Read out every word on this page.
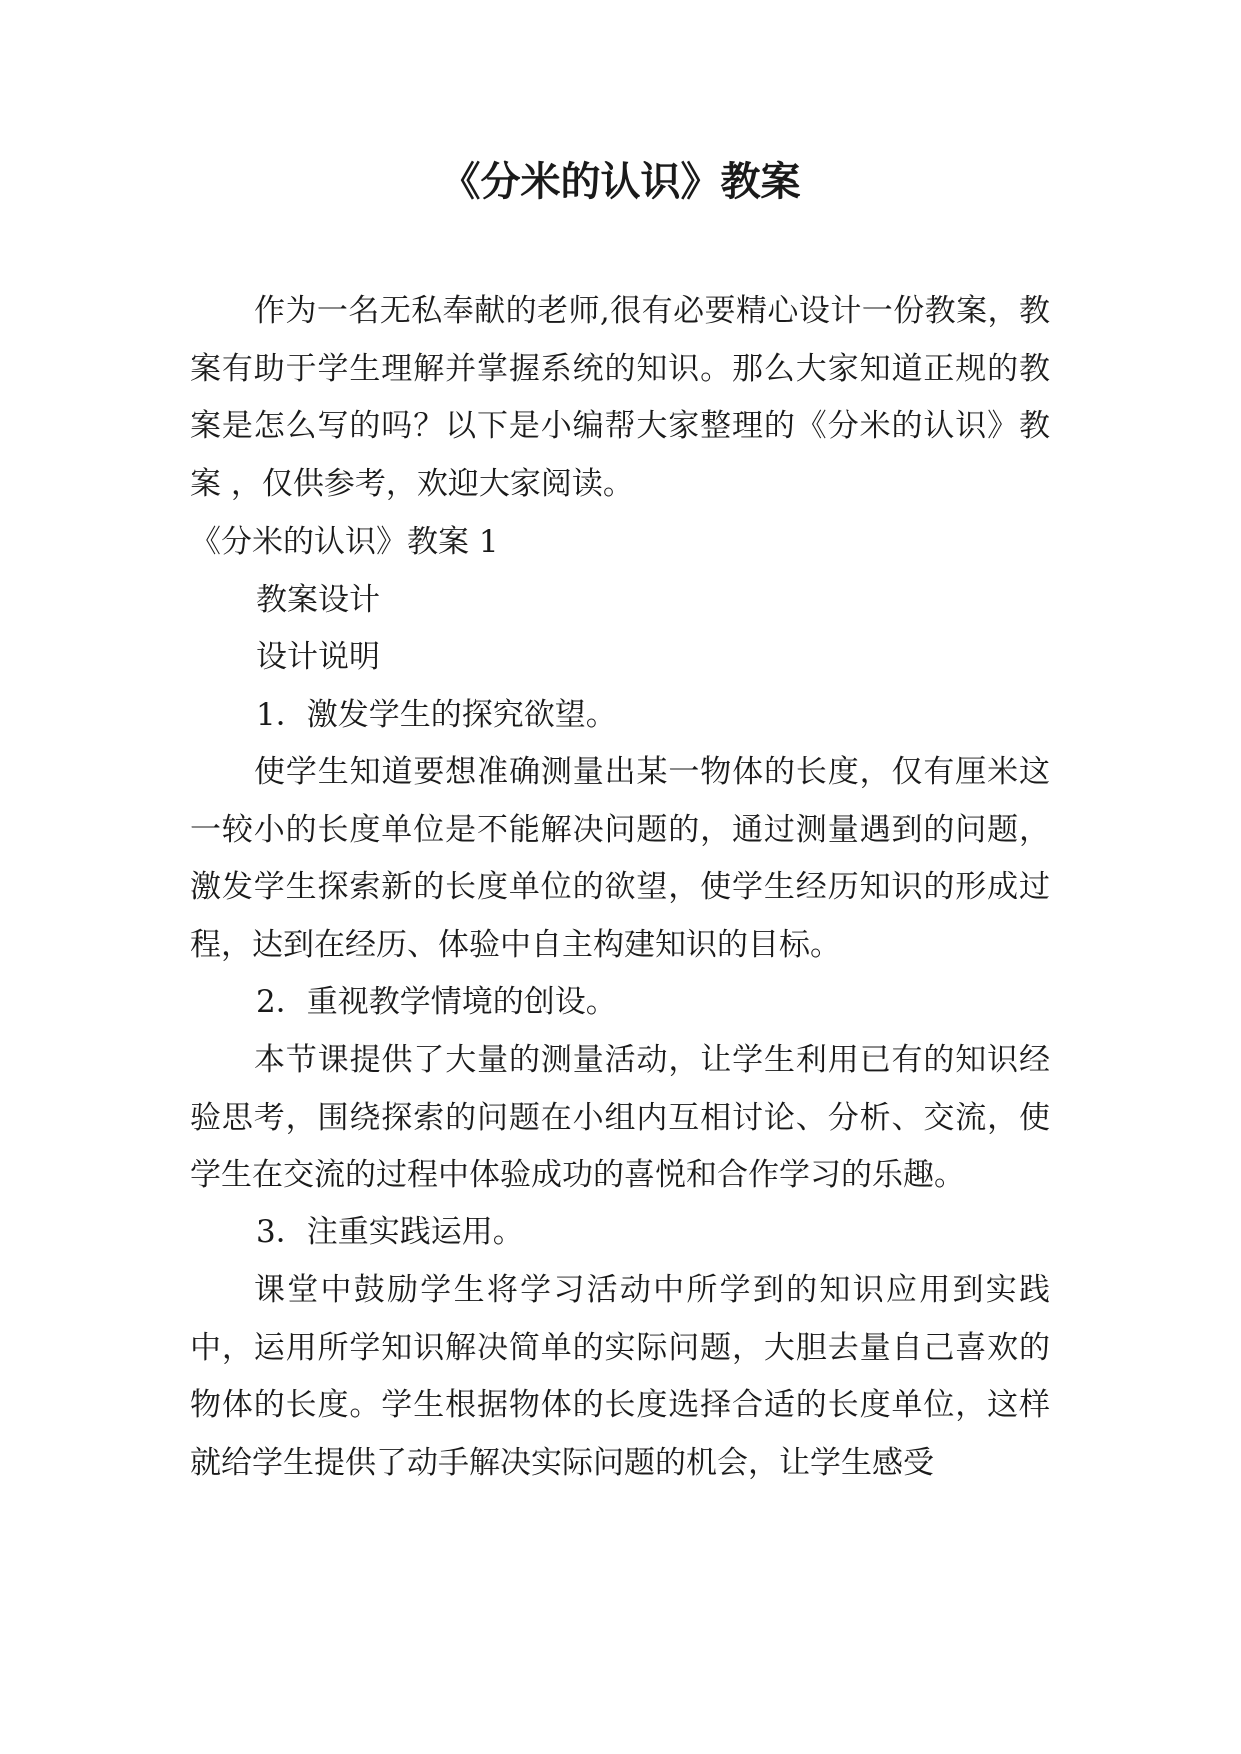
《分米的认识》教案

作为一名无私奉献的老师,很有必要精心设计一份教案，教案有助于学生理解并掌握系统的知识。那么大家知道正规的教案是怎么写的吗？以下是小编帮大家整理的《分米的认识》教案 ，仅供参考，欢迎大家阅读。

《分米的认识》教案 1

教案设计

设计说明

1．激发学生的探究欲望。

使学生知道要想准确测量出某一物体的长度，仅有厘米这一较小的长度单位是不能解决问题的，通过测量遇到的问题，激发学生探索新的长度单位的欲望，使学生经历知识的形成过程，达到在经历、体验中自主构建知识的目标。

2．重视教学情境的创设。

本节课提供了大量的测量活动，让学生利用已有的知识经验思考，围绕探索的问题在小组内互相讨论、分析、交流，使学生在交流的过程中体验成功的喜悦和合作学习的乐趣。

3．注重实践运用。

课堂中鼓励学生将学习活动中所学到的知识应用到实践中，运用所学知识解决简单的实际问题，大胆去量自己喜欢的物体的长度。学生根据物体的长度选择合适的长度单位，这样就给学生提供了动手解决实际问题的机会，让学生感受
